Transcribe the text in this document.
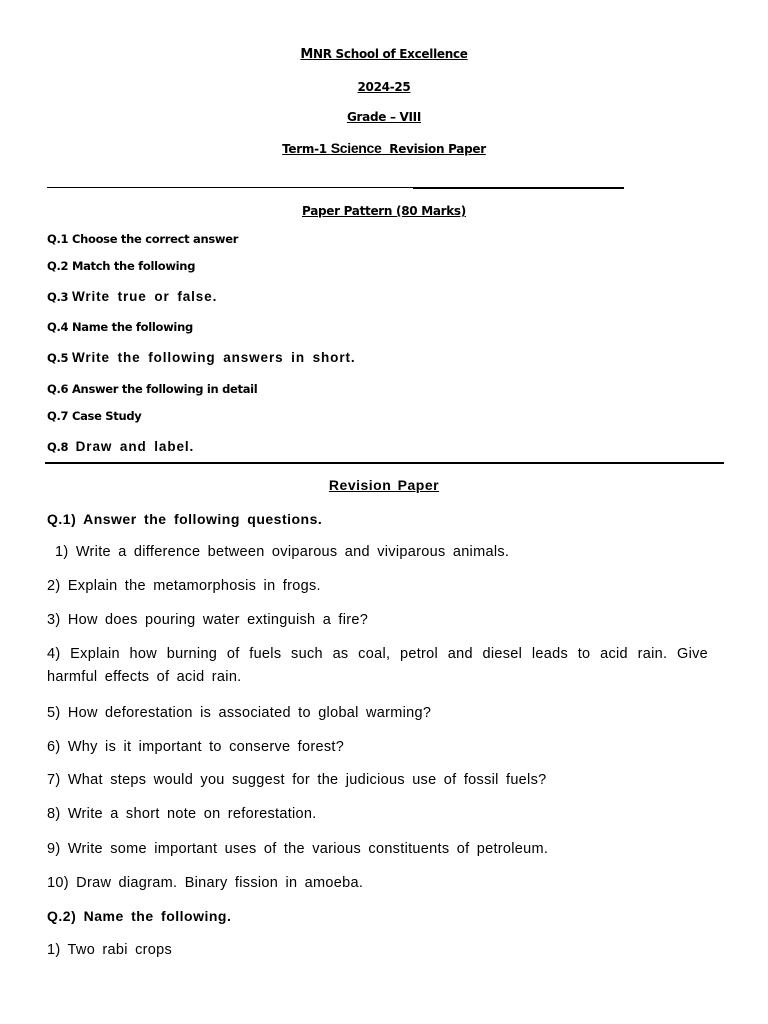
MNR School of Excellence
2024-25
Grade – VIII
Term-1 Science  Revision Paper
Paper Pattern (80 Marks)
Q.1 Choose the correct answer
Q.2 Match the following
Q.3 Write true or false.
Q.4 Name the following
Q.5 Write the following answers in short.
Q.6 Answer the following in detail
Q.7 Case Study
Q.8  Draw and label.
Revision Paper
Q.1) Answer the following questions.
1) Write a difference between oviparous and viviparous animals.
2) Explain the metamorphosis in frogs.
3) How does pouring water extinguish a fire?
4) Explain how burning of fuels such as coal, petrol and diesel leads to acid rain. Give harmful effects of acid rain.
5) How deforestation is associated to global warming?
6) Why is it important to conserve forest?
7) What steps would you suggest for the judicious use of fossil fuels?
8) Write a short note on reforestation.
9) Write some important uses of the various constituents of petroleum.
10) Draw diagram. Binary fission in amoeba.
Q.2) Name the following.
1) Two rabi crops
